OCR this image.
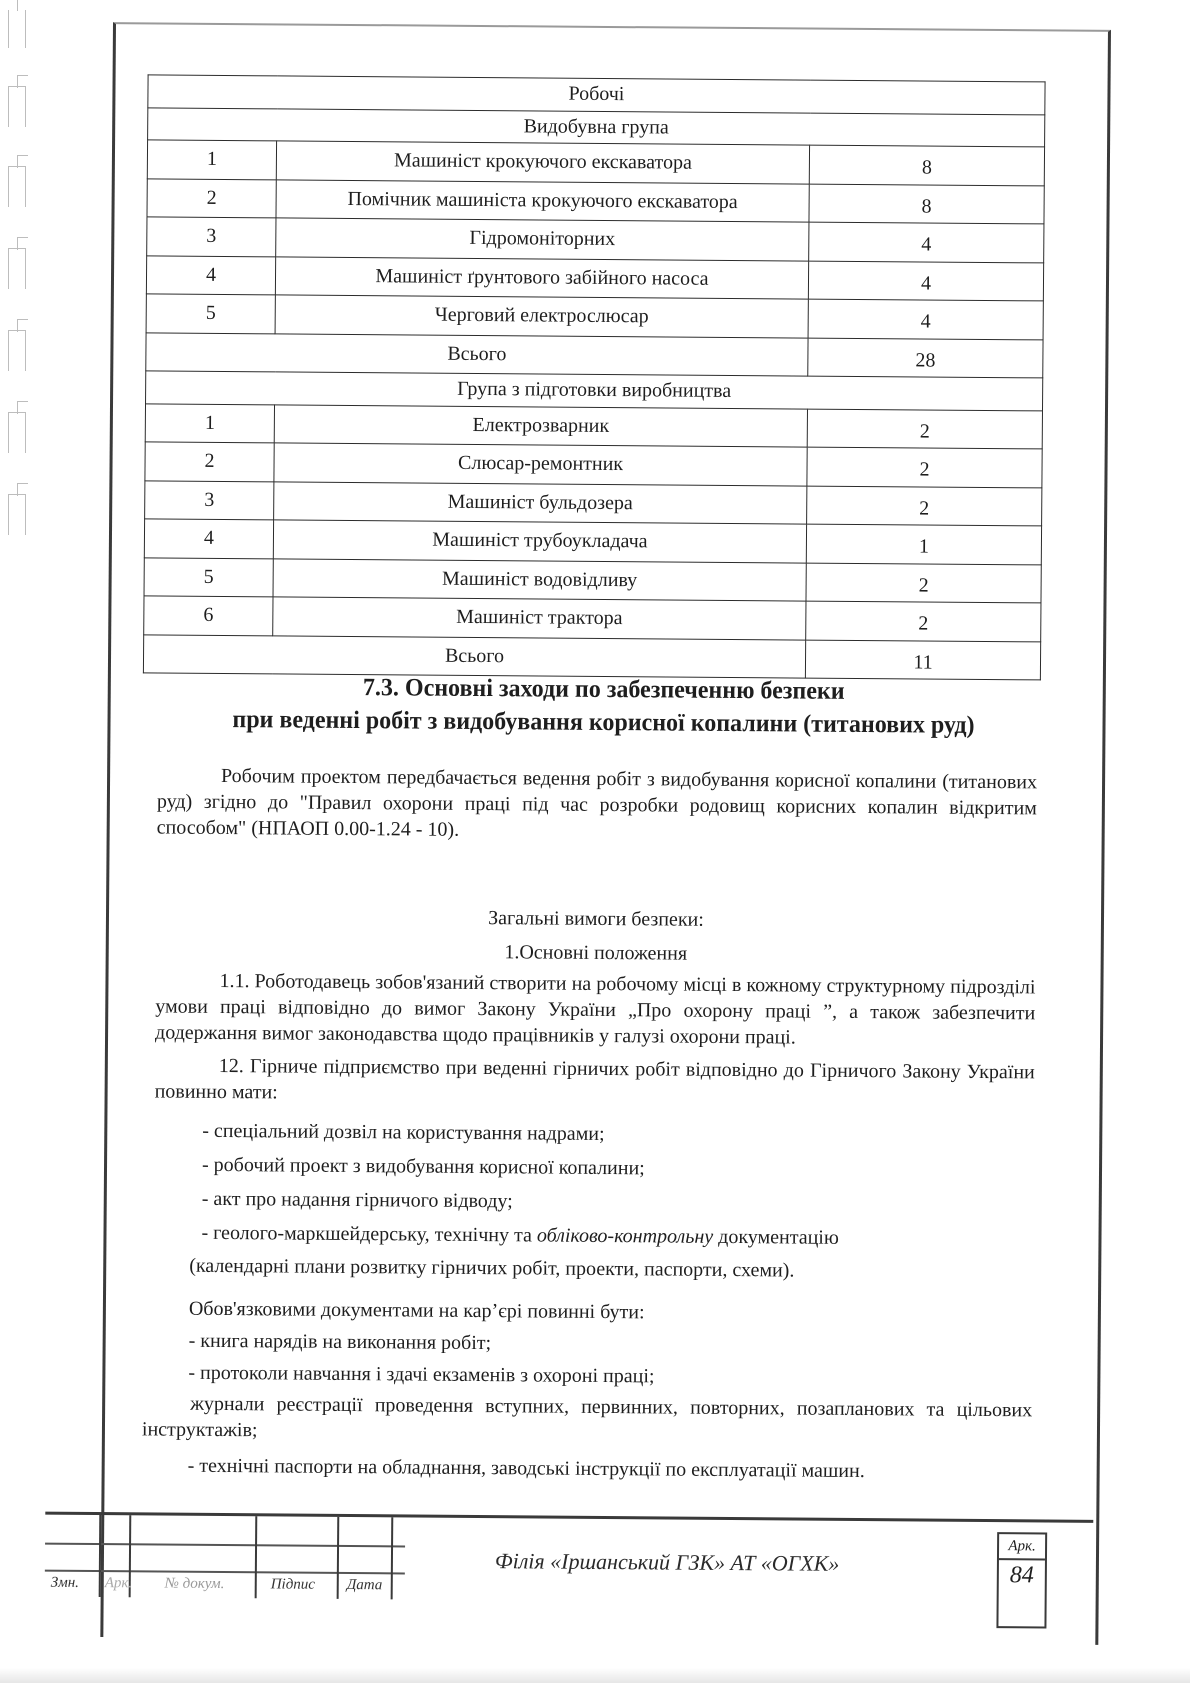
Робочі		
Видобувна група		
1	Машиніст крокуючого екскаватора	8
2	Помічник машиніста крокуючого екскаватора	8
3	Гідромоніторних	4
4	Машиніст ґрунтового забійного насоса	4
5	Черговий електрослюсар	4
Всього		28
Група з підготовки виробництва		
1	Електрозварник	2
2	Слюсар-ремонтник	2
3	Машиніст бульдозера	2
4	Машиніст трубоукладача	1
5	Машиніст водовідливу	2
6	Машиніст трактора	2
Всього		11
7.3. Основні заходи по забезпеченню безпеки
при веденні робіт з видобування корисної копалини (титанових руд)
Робочим проектом передбачається ведення робіт з видобування корисної копалини (титанових руд) згідно до "Правил охорони праці під час розробки родовищ корисних копалин відкритим способом" (НПАОП 0.00-1.24 - 10).
Загальні вимоги безпеки:
1.Основні положення
1.1. Роботодавець зобов'язаний створити на робочому місці в кожному структурному підрозділі умови праці відповідно до вимог Закону України „Про охорону праці ”, а також забезпечити додержання вимог законодавства щодо працівників у галузі охорони праці.
12. Гірниче підприємство при веденні гірничих робіт відповідно до Гірничого Закону України повинно мати:
- спеціальний дозвіл на користування надрами;
- робочий проект з видобування корисної копалини;
- акт про надання гірничого відводу;
- геолого-маркшейдерську, технічну та обліково-контрольну документацію
(календарні плани розвитку гірничих робіт, проекти, паспорти, схеми).
Обов'язковими документами на кар’єрі повинні бути:
- книга нарядів на виконання робіт;
- протоколи навчання і здачі екзаменів з охороні праці;
журнали реєстрації проведення вступних, первинних, повторних, позапланових та цільових інструктажів;
- технічні паспорти на обладнання, заводські інструкції по експлуатації машин.
Змн. Арк. № докум.	Підпис Дата
Філія «Іршанський ГЗК» АТ «ОГХК»
Арк.
84
